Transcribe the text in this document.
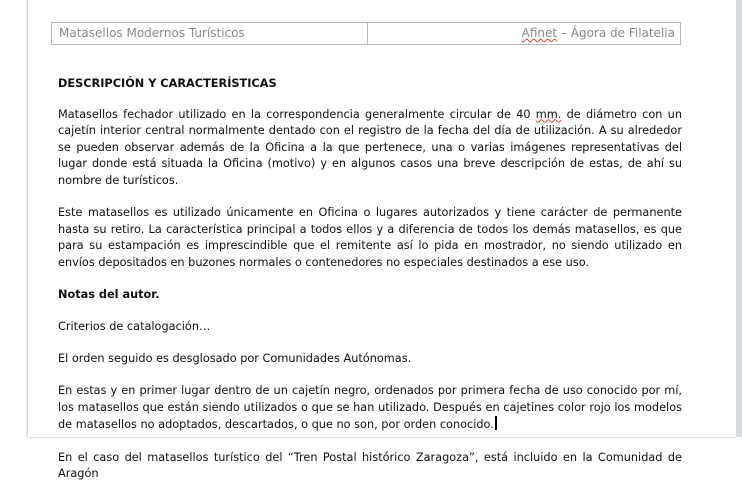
Matasellos Modernos Turísticos	Afinet – Ágora de Filatelia

DESCRIPCIÓN Y CARACTERÍSTICAS

Matasellos fechador utilizado en la correspondencia generalmente circular de 40 mm. de diámetro con un cajetín interior central normalmente dentado con el registro de la fecha del día de utilización. A su alrededor se pueden observar además de la Oficina a la que pertenece, una o varias imágenes representativas del lugar donde está situada la Oficina (motivo) y en algunos casos una breve descripción de estas, de ahí su nombre de turísticos.

Este matasellos es utilizado únicamente en Oficina o lugares autorizados y tiene carácter de permanente hasta su retiro. La característica principal a todos ellos y a diferencia de todos los demás matasellos, es que para su estampación es imprescindible que el remitente así lo pida en mostrador, no siendo utilizado en envíos depositados en buzones normales o contenedores no especiales destinados a ese uso.

Notas del autor.

Criterios de catalogación…

El orden seguido es desglosado por Comunidades Autónomas.

En estas y en primer lugar dentro de un cajetín negro, ordenados por primera fecha de uso conocido por mí, los matasellos que están siendo utilizados o que se han utilizado. Después en cajetines color rojo los modelos de matasellos no adoptados, descartados, o que no son, por orden conocido.

En el caso del matasellos turístico del “Tren Postal histórico Zaragoza”, está incluido en la Comunidad de Aragón
